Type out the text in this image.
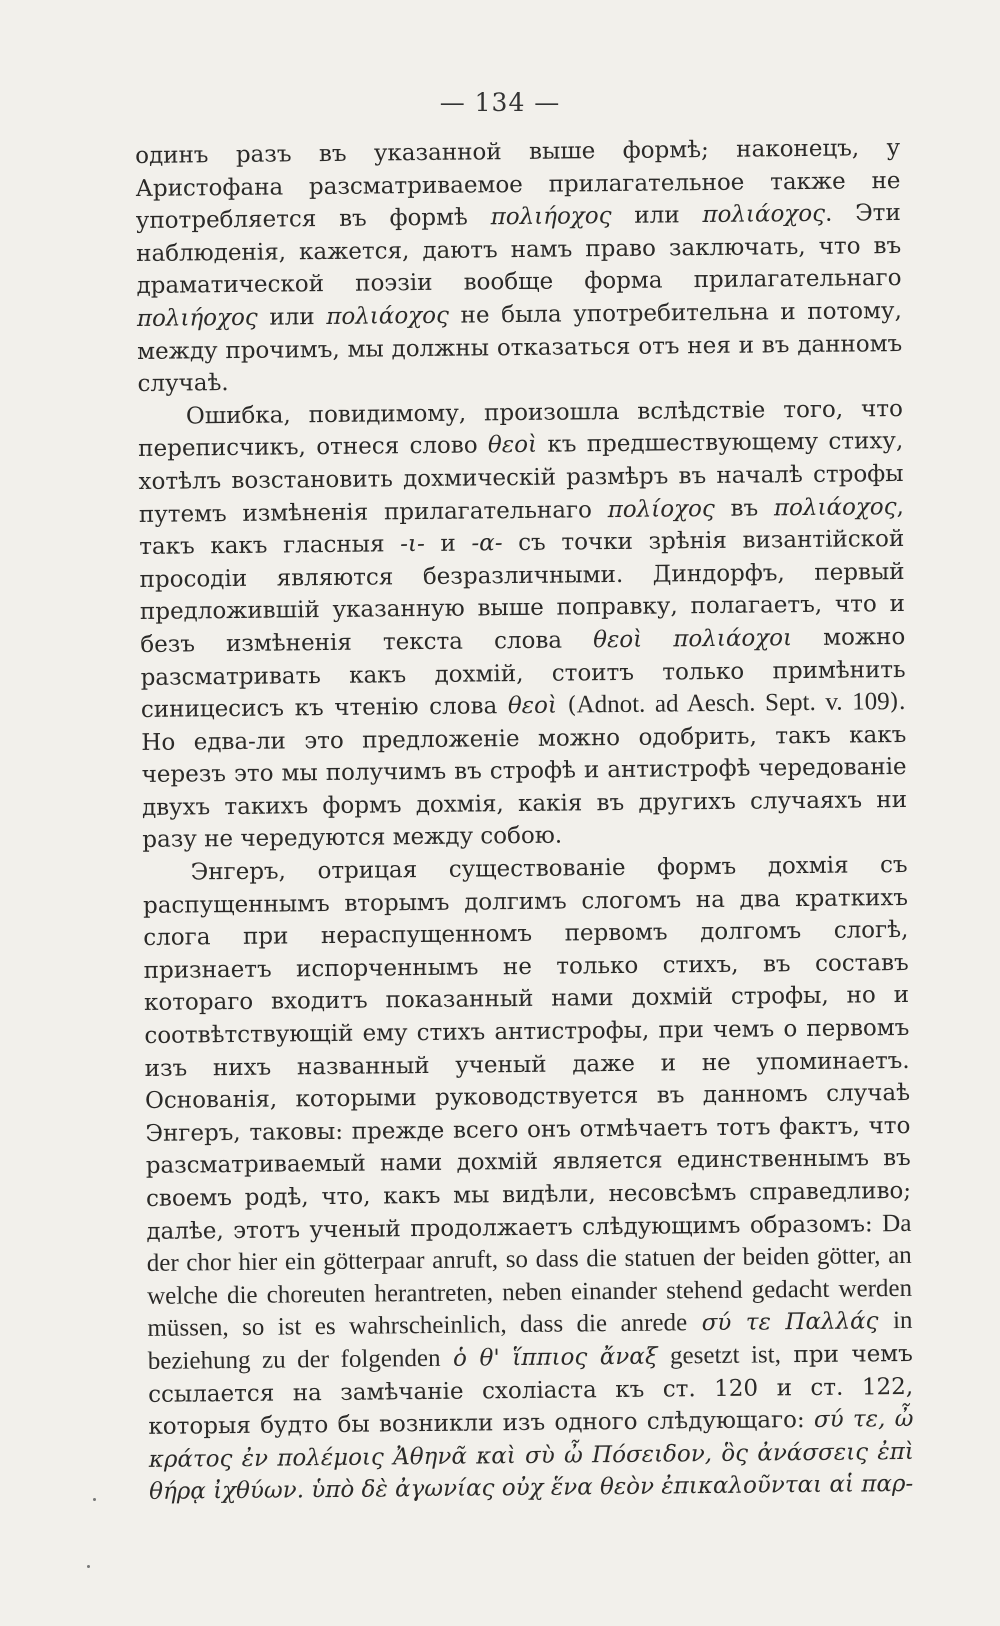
— 134 —

одинъ разъ въ указанной выше формѣ; наконецъ, у Аристофана разсматриваемое прилагательное также не употребляется въ формѣ πολιήοχος или πολιάοχος. Эти наблюденія, кажется, даютъ намъ право заключать, что въ драматической поэзіи вообще форма прилагательнаго πολιήοχος или πολιάοχος не была употребительна и потому, между прочимъ, мы должны отказаться отъ нея и въ данномъ случаѣ.

Ошибка, повидимому, произошла вслѣдствіе того, что переписчикъ, отнеся слово θεοὶ къ предшествующему стиху, хотѣлъ возстановить дохмическій размѣръ въ началѣ строфы путемъ измѣненія прилагательнаго πολίοχος въ πολιάοχος, такъ какъ гласныя -ι- и -α- съ точки зрѣнія византійской просодіи являются безразличными. Диндорфъ, первый предложившій указанную выше поправку, полагаетъ, что и безъ измѣненія текста слова θεοὶ πολιάοχοι можно разсматривать какъ дохмій, стоитъ только примѣнить синицесисъ къ чтенію слова θεοὶ (Adnot. ad Aesch. Sept. v. 109). Но едва-ли это предложеніе можно одобрить, такъ какъ черезъ это мы получимъ въ строфѣ и антистрофѣ чередованіе двухъ такихъ формъ дохмія, какія въ другихъ случаяхъ ни разу не чередуются между собою.

Энгеръ, отрицая существованіе формъ дохмія съ распущеннымъ вторымъ долгимъ слогомъ на два краткихъ слога при нераспущенномъ первомъ долгомъ слогѣ, признаетъ испорченнымъ не только стихъ, въ составъ котораго входитъ показанный нами дохмій строфы, но и соотвѣтствующій ему стихъ антистрофы, при чемъ о первомъ изъ нихъ названный ученый даже и не упоминаетъ. Основанія, которыми руководствуется въ данномъ случаѣ Энгеръ, таковы: прежде всего онъ отмѣчаетъ тотъ фактъ, что разсматриваемый нами дохмій является единственнымъ въ своемъ родѣ, что, какъ мы видѣли, несовсѣмъ справедливо; далѣе, этотъ ученый продолжаетъ слѣдующимъ образомъ: Da der chor hier ein götterpaar anruft, so dass die statuen der beiden götter, an welche die choreuten herantreten, neben einander stehend gedacht werden müssen, so ist es wahrscheinlich, dass die anrede σύ τε Παλλάς in beziehung zu der folgenden ὁ θ' ἵππιος ἄναξ gesetzt ist, при чемъ ссылается на замѣчаніе схоліаста къ ст. 120 и ст. 122, которыя будто бы возникли изъ одного слѣдующаго: σύ τε, ὦ κράτος ἐν πολέμοις Ἀθηνᾶ καὶ σὺ ὦ Πόσειδον, ὃς ἀνάσσεις ἐπὶ θήρᾳ ἰχθύων. ὑπὸ δὲ ἀγωνίας οὐχ ἕνα θεὸν ἐπικαλοῦνται αἱ παρ-
